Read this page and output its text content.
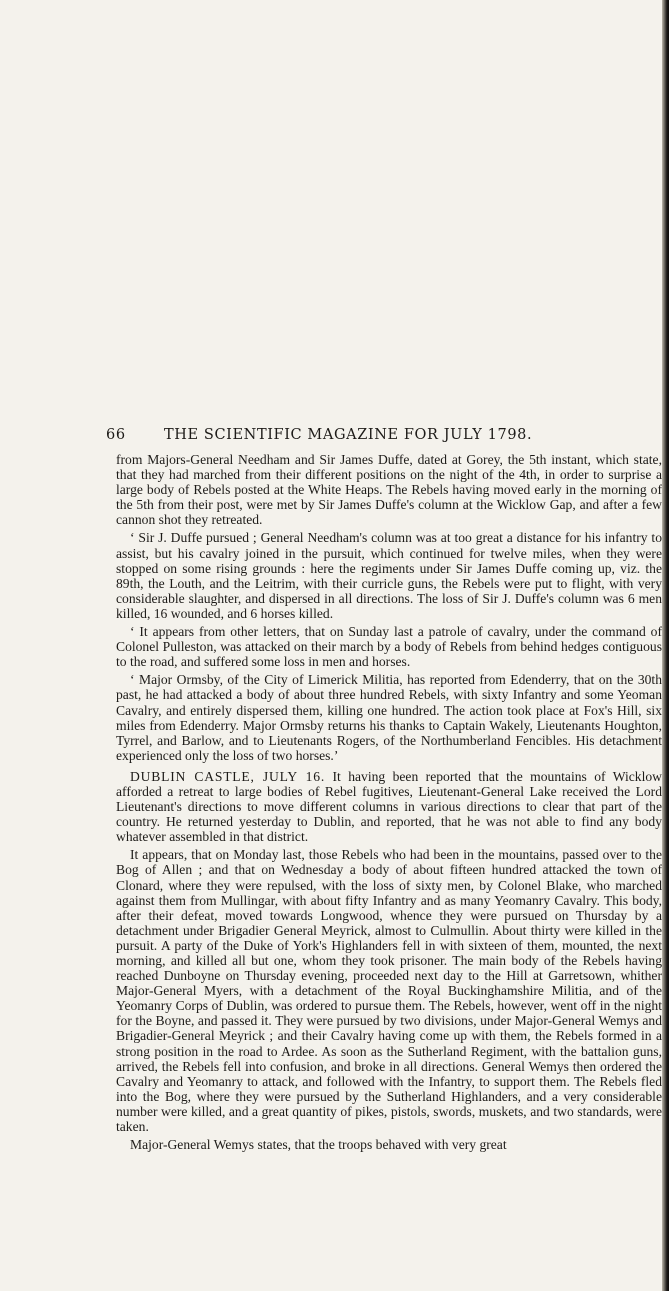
66	THE SCIENTIFIC MAGAZINE FOR JULY 1798.

from Majors-General Needham and Sir James Duffe, dated at Gorey, the 5th instant, which state, that they had marched from their different positions on the night of the 4th, in order to surprise a large body of Rebels posted at the White Heaps. The Rebels having moved early in the morning of the 5th from their post, were met by Sir James Duffe's column at the Wicklow Gap, and after a few cannon shot they retreated.

‘ Sir J. Duffe pursued ; General Needham's column was at too great a distance for his infantry to assist, but his cavalry joined in the pursuit, which continued for twelve miles, when they were stopped on some rising grounds : here the regiments under Sir James Duffe coming up, viz. the 89th, the Louth, and the Leitrim, with their curricle guns, the Rebels were put to flight, with very considerable slaughter, and dispersed in all directions. The loss of Sir J. Duffe's column was 6 men killed, 16 wounded, and 6 horses killed.

‘ It appears from other letters, that on Sunday last a patrole of cavalry, under the command of Colonel Pulleston, was attacked on their march by a body of Rebels from behind hedges contiguous to the road, and suffered some loss in men and horses.

‘ Major Ormsby, of the City of Limerick Militia, has reported from Edenderry, that on the 30th past, he had attacked a body of about three hundred Rebels, with sixty Infantry and some Yeoman Cavalry, and entirely dispersed them, killing one hundred. The action took place at Fox's Hill, six miles from Edenderry. Major Ormsby returns his thanks to Captain Wakely, Lieutenants Houghton, Tyrrel, and Barlow, and to Lieutenants Rogers, of the Northumberland Fencibles. His detachment experienced only the loss of two horses.’

DUBLIN CASTLE, JULY 16. It having been reported that the mountains of Wicklow afforded a retreat to large bodies of Rebel fugitives, Lieutenant-General Lake received the Lord Lieutenant's directions to move different columns in various directions to clear that part of the country. He returned yesterday to Dublin, and reported, that he was not able to find any body whatever assembled in that district.

It appears, that on Monday last, those Rebels who had been in the mountains, passed over to the Bog of Allen ; and that on Wednesday a body of about fifteen hundred attacked the town of Clonard, where they were repulsed, with the loss of sixty men, by Colonel Blake, who marched against them from Mullingar, with about fifty Infantry and as many Yeomanry Cavalry. This body, after their defeat, moved towards Longwood, whence they were pursued on Thursday by a detachment under Brigadier General Meyrick, almost to Culmullin. About thirty were killed in the pursuit. A party of the Duke of York's Highlanders fell in with sixteen of them, mounted, the next morning, and killed all but one, whom they took prisoner. The main body of the Rebels having reached Dunboyne on Thursday evening, proceeded next day to the Hill at Garretsown, whither Major-General Myers, with a detachment of the Royal Buckinghamshire Militia, and of the Yeomanry Corps of Dublin, was ordered to pursue them. The Rebels, however, went off in the night for the Boyne, and passed it. They were pursued by two divisions, under Major-General Wemys and Brigadier-General Meyrick ; and their Cavalry having come up with them, the Rebels formed in a strong position in the road to Ardee. As soon as the Sutherland Regiment, with the battalion guns, arrived, the Rebels fell into confusion, and broke in all directions. General Wemys then ordered the Cavalry and Yeomanry to attack, and followed with the Infantry, to support them. The Rebels fled into the Bog, where they were pursued by the Sutherland Highlanders, and a very considerable number were killed, and a great quantity of pikes, pistols, swords, muskets, and two standards, were taken.

Major-General Wemys states, that the troops behaved with very great
